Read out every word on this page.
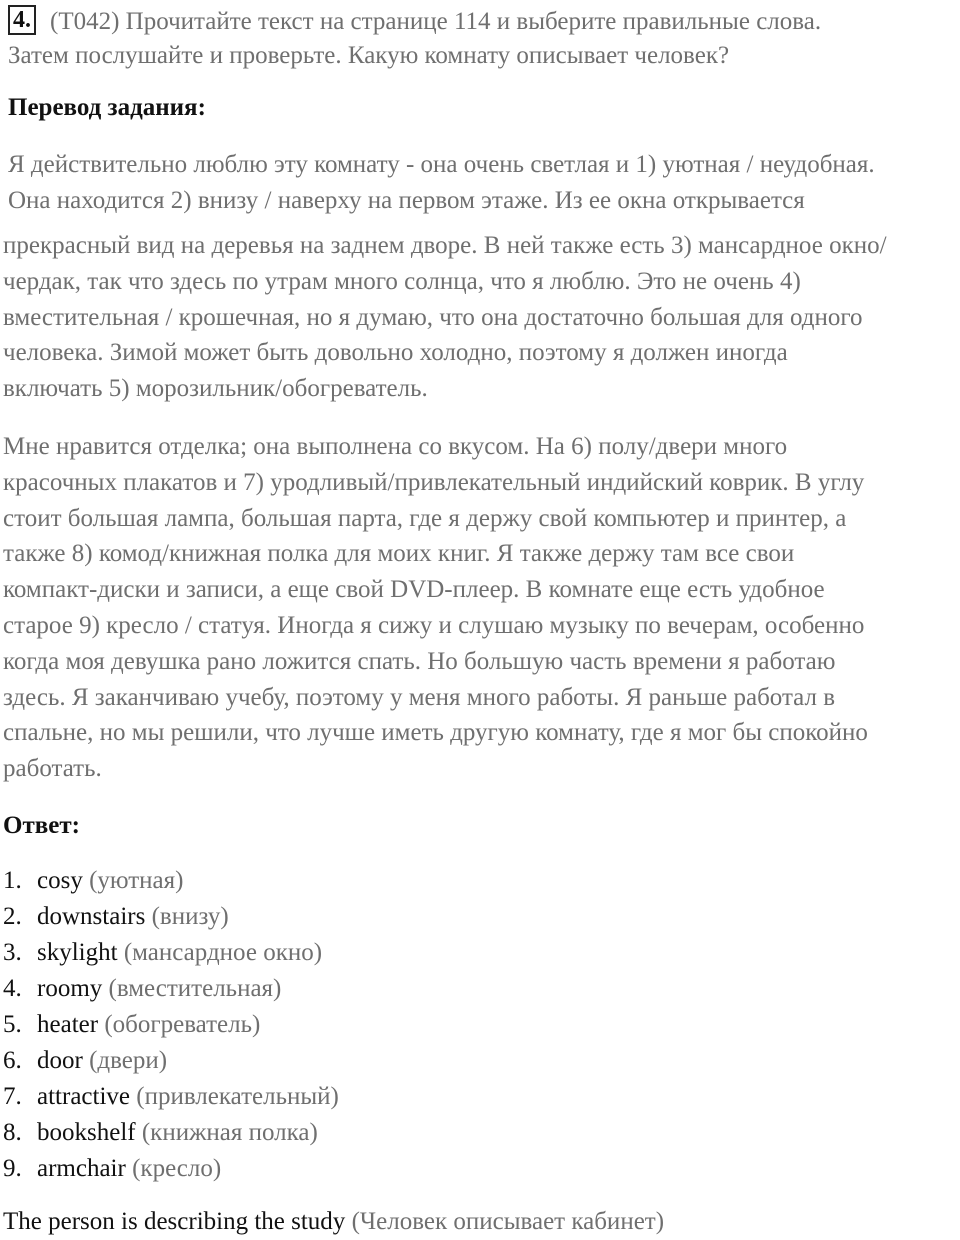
4. (T042) Прочитайте текст на странице 114 и выберите правильные слова.
Затем послушайте и проверьте. Какую комнату описывает человек?
Перевод задания:
Я действительно люблю эту комнату - она очень светлая и 1) уютная / неудобная.
Она находится 2) внизу / наверху на первом этаже. Из ее окна открывается
прекрасный вид на деревья на заднем дворе. В ней также есть 3) мансардное окно/
чердак, так что здесь по утрам много солнца, что я люблю. Это не очень 4)
вместительная / крошечная, но я думаю, что она достаточно большая для одного
человека. Зимой может быть довольно холодно, поэтому я должен иногда
включать 5) морозильник/обогреватель.
Мне нравится отделка; она выполнена со вкусом. На 6) полу/двери много
красочных плакатов и 7) уродливый/привлекательный индийский коврик. В углу
стоит большая лампа, большая парта, где я держу свой компьютер и принтер, а
также 8) комод/книжная полка для моих книг. Я также держу там все свои
компакт-диски и записи, а еще свой DVD-плеер. В комнате еще есть удобное
старое 9) кресло / статуя. Иногда я сижу и слушаю музыку по вечерам, особенно
когда моя девушка рано ложится спать. Но большую часть времени я работаю
здесь. Я заканчиваю учебу, поэтому у меня много работы. Я раньше работал в
спальне, но мы решили, что лучше иметь другую комнату, где я мог бы спокойно
работать.
Ответ:
1. cosy (уютная)
2. downstairs (внизу)
3. skylight (мансардное окно)
4. roomy (вместительная)
5. heater (обогреватель)
6. door (двери)
7. attractive (привлекательный)
8. bookshelf (книжная полка)
9. armchair (кресло)
The person is describing the study (Человек описывает кабинет)
